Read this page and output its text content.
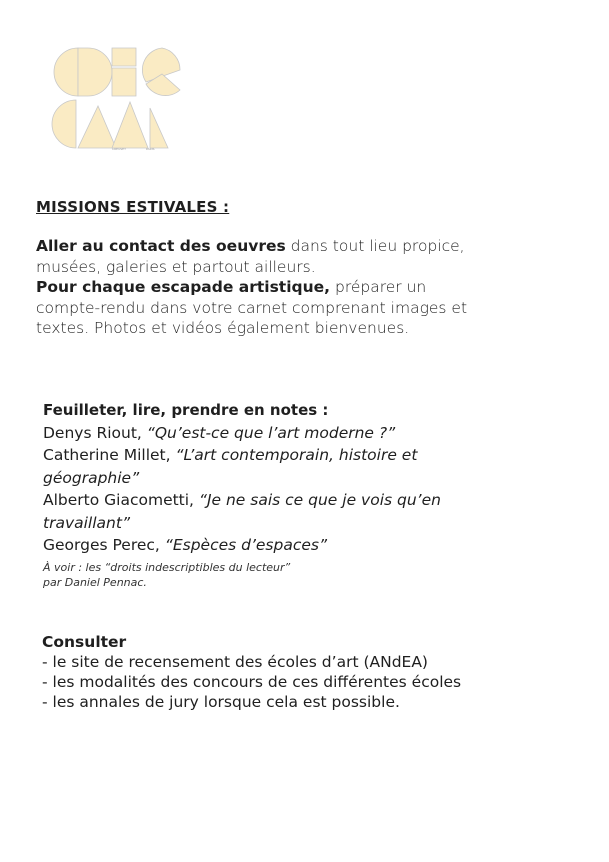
CREUSET	PARIS
MISSIONS ESTIVALES :
Aller au contact des oeuvres dans tout lieu propice, musées, galeries et partout ailleurs.
Pour chaque escapade artistique, préparer un compte-rendu dans votre carnet comprenant images et textes. Photos et vidéos également bienvenues.
Feuilleter, lire, prendre en notes :
Denys Riout, “Qu’est-ce que l’art moderne ?”
Catherine Millet, “L’art contemporain, histoire et géographie”
Alberto Giacometti, “Je ne sais ce que je vois qu’en travaillant”
Georges Perec, “Espèces d’espaces”
À voir : les “droits indescriptibles du lecteur”
par Daniel Pennac.
Consulter
- le site de recensement des écoles d’art (ANdEA)
- les modalités des concours de ces différentes écoles
- les annales de jury lorsque cela est possible.
